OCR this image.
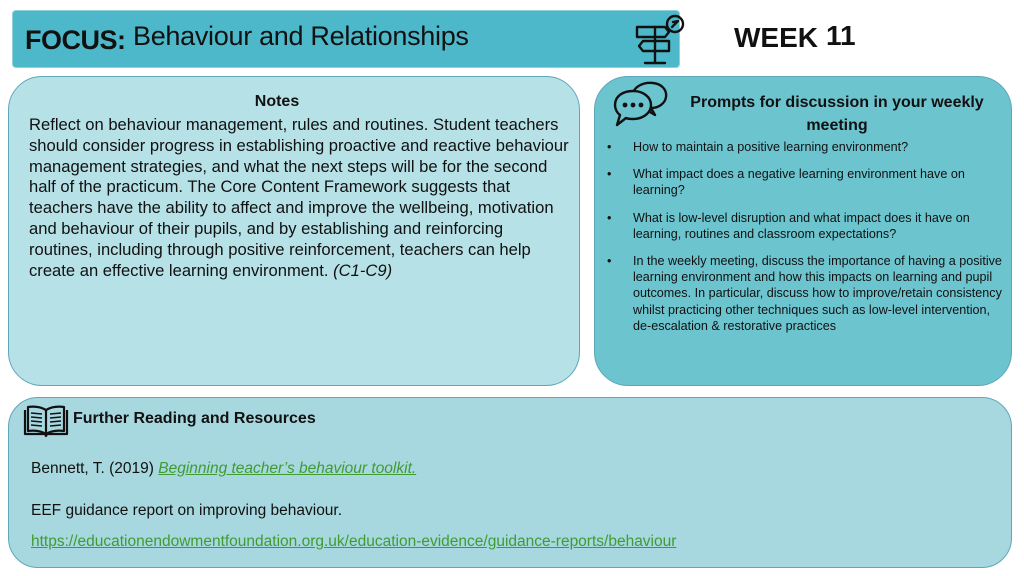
FOCUS: Behaviour and Relationships	WEEK 11
Notes

Reflect on behaviour management, rules and routines. Student teachers should consider progress in establishing proactive and reactive behaviour management strategies, and what the next steps will be for the second half of the practicum. The Core Content Framework suggests that teachers have the ability to affect and improve the wellbeing, motivation and behaviour of their pupils, and by establishing and reinforcing routines, including through positive reinforcement, teachers can help create an effective learning environment. (C1-C9)

Prompts for discussion in your weekly meeting
• How to maintain a positive learning environment?
• What impact does a negative learning environment have on learning?
• What is low-level disruption and what impact does it have on learning, routines and classroom expectations?
• In the weekly meeting, discuss the importance of having a positive learning environment and how this impacts on learning and pupil outcomes. In particular, discuss how to improve/retain consistency whilst practicing other techniques such as low-level intervention, de-escalation & restorative practices
Further Reading and Resources
Bennett, T. (2019) Beginning teacher’s behaviour toolkit.
EEF guidance report on improving behaviour.
https://educationendowmentfoundation.org.uk/education-evidence/guidance-reports/behaviour
